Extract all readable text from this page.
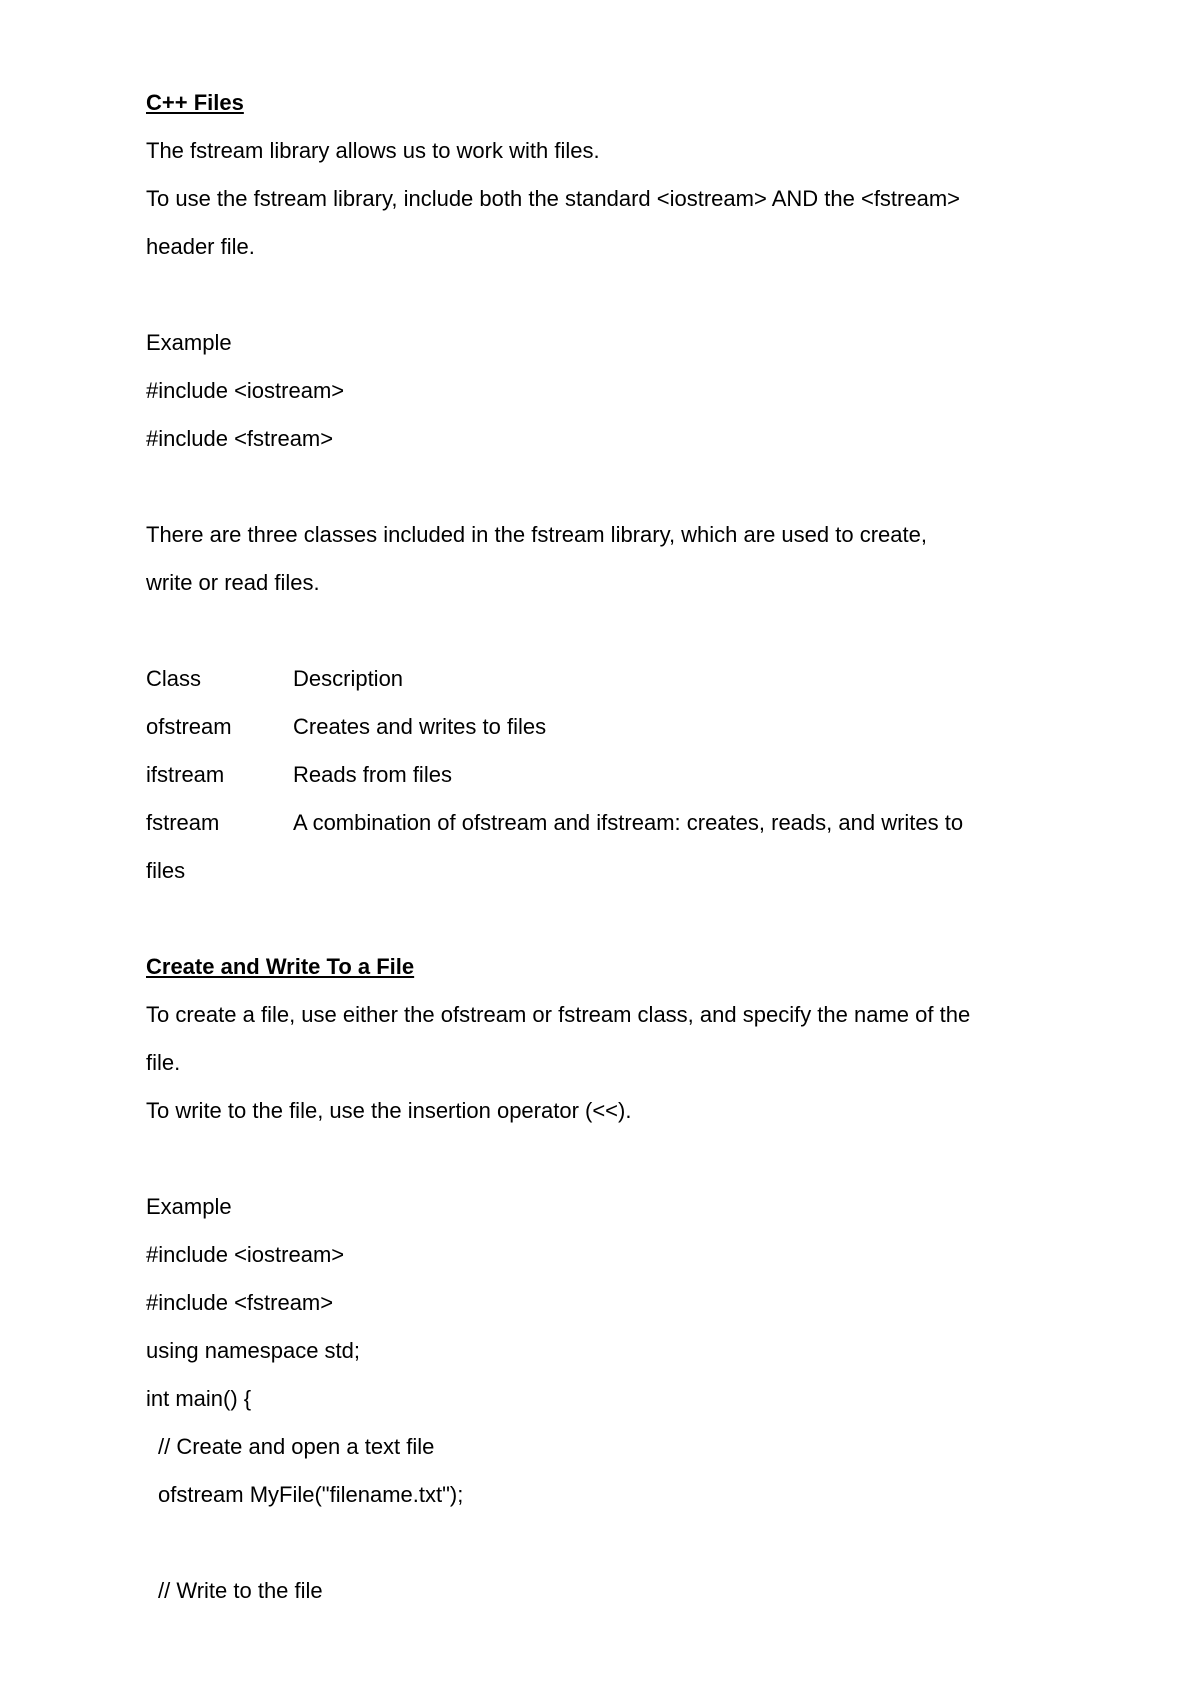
C++ Files
The fstream library allows us to work with files.
To use the fstream library, include both the standard <iostream> AND the <fstream>
header file.
Example
#include <iostream>
#include <fstream>
There are three classes included in the fstream library, which are used to create,
write or read files.
Class	Description
ofstream	Creates and writes to files
ifstream	Reads from files
fstream	A combination of ofstream and ifstream: creates, reads, and writes to
files
Create and Write To a File
To create a file, use either the ofstream or fstream class, and specify the name of the
file.
To write to the file, use the insertion operator (<<).
Example
#include <iostream>
#include <fstream>
using namespace std;
int main() {
// Create and open a text file
ofstream MyFile("filename.txt");
// Write to the file
